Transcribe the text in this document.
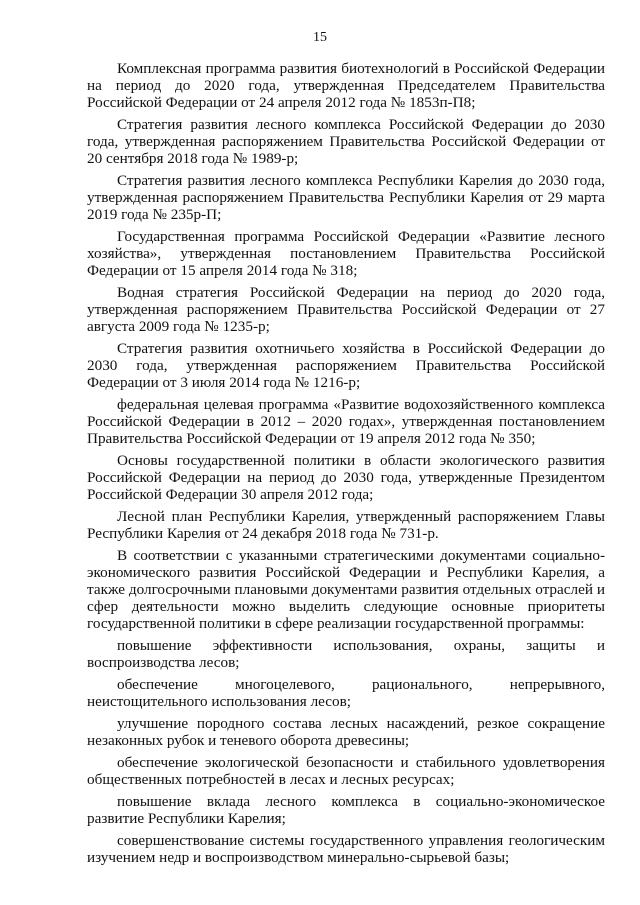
15

Комплексная программа развития биотехнологий в Российской Федерации на период до 2020 года, утвержденная Председателем Правительства Российской Федерации от 24 апреля 2012 года № 1853п-П8;

Стратегия развития лесного комплекса Российской Федерации до 2030 года, утвержденная распоряжением Правительства Российской Федерации от 20 сентября 2018 года № 1989-р;

Стратегия развития лесного комплекса Республики Карелия до 2030 года, утвержденная распоряжением Правительства Республики Карелия от 29 марта 2019 года № 235р-П;

Государственная программа Российской Федерации «Развитие лесного хозяйства», утвержденная постановлением Правительства Российской Федерации от 15 апреля 2014 года № 318;

Водная стратегия Российской Федерации на период до 2020 года, утвержденная распоряжением Правительства Российской Федерации от 27 августа 2009 года № 1235-р;

Стратегия развития охотничьего хозяйства в Российской Федерации до 2030 года, утвержденная распоряжением Правительства Российской Федерации от 3 июля 2014 года № 1216-р;

федеральная целевая программа «Развитие водохозяйственного комплекса Российской Федерации в 2012 – 2020 годах», утвержденная постановлением Правительства Российской Федерации от 19 апреля 2012 года № 350;

Основы государственной политики в области экологического развития Российской Федерации на период до 2030 года, утвержденные Президентом Российской Федерации 30 апреля 2012 года;

Лесной план Республики Карелия, утвержденный распоряжением Главы Республики Карелия от 24 декабря 2018 года № 731-р.

В соответствии с указанными стратегическими документами социально-экономического развития Российской Федерации и Республики Карелия, а также долгосрочными плановыми документами развития отдельных отраслей и сфер деятельности можно выделить следующие основные приоритеты государственной политики в сфере реализации государственной программы:

повышение эффективности использования, охраны, защиты и воспроизводства лесов;

обеспечение многоцелевого, рационального, непрерывного, неистощительного использования лесов;

улучшение породного состава лесных насаждений, резкое сокращение незаконных рубок и теневого оборота древесины;

обеспечение экологической безопасности и стабильного удовлетворения общественных потребностей в лесах и лесных ресурсах;

повышение вклада лесного комплекса в социально-экономическое развитие Республики Карелия;

совершенствование системы государственного управления геологическим изучением недр и воспроизводством минерально-сырьевой базы;
